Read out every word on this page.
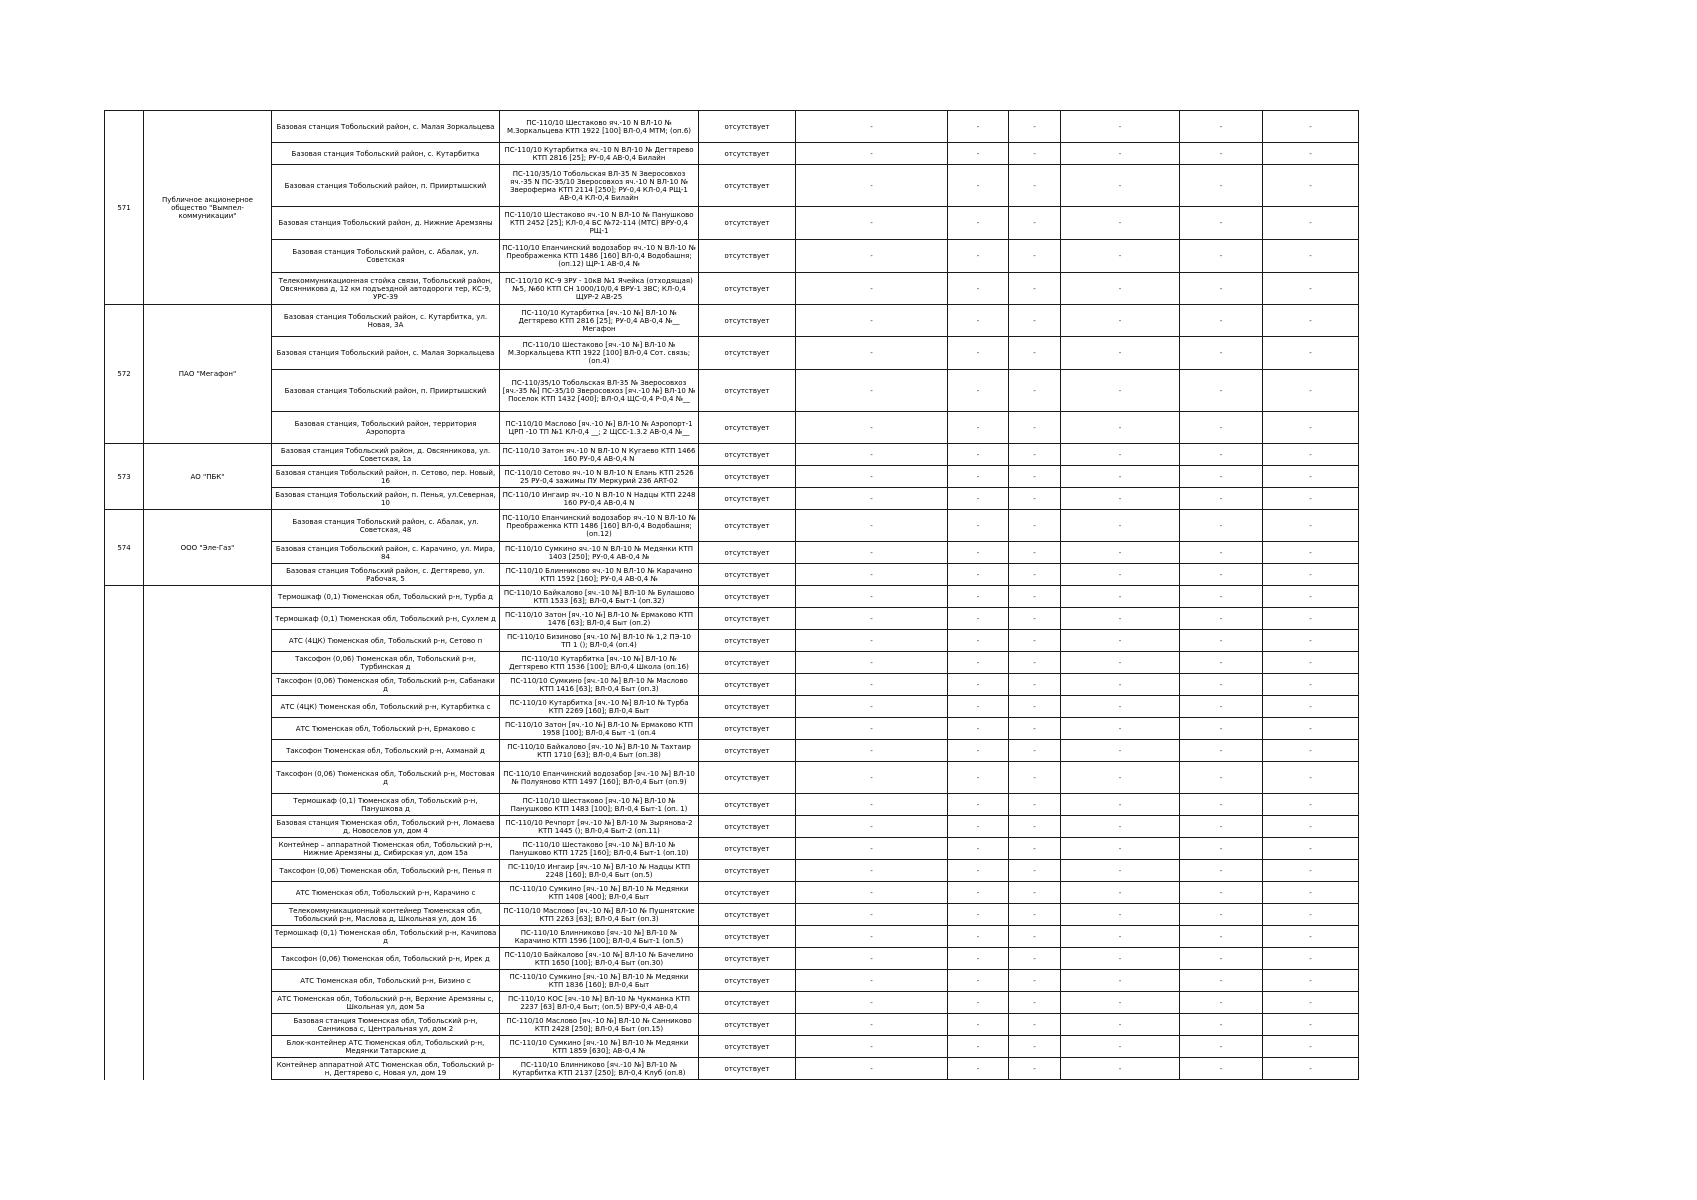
571	Публичное акционерное общество "Вымпел-коммуникации"	Базовая станция Тобольский район, с. Малая Зоркальцева	ПС-110/10 Шестаково яч.-10 N ВЛ-10 № М.Зоркальцева КТП 1922 [100] ВЛ-0,4 МТМ; (оп.6)	отсутствует	-	-	-	-	-	-
		Базовая станция Тобольский район, с. Кутарбитка	ПС-110/10 Кутарбитка яч.-10 N ВЛ-10 № Дегтярево КТП 2816 [25]; РУ-0,4 АВ-0,4 Билайн	отсутствует	-	-	-	-	-	-
		Базовая станция Тобольский район, п. Прииртышский	ПС-110/35/10 Тобольская ВЛ-35 N Зверосовхоз яч.-35 N ПС-35/10 Зверосовхоз яч.-10 N ВЛ-10 № Зверoферма КТП 2114 [250]; РУ-0,4 КЛ-0,4 РЩ-1 АВ-0,4 КЛ-0,4 Билайн	отсутствует	-	-	-	-	-	-
		Базовая станция Тобольский район, д. Нижние Аремзяны	ПС-110/10 Шестаково яч.-10 N ВЛ-10 № Панушково КТП 2452 [25]; КЛ-0,4 БС №72-114 (МТС) ВРУ-0,4 РЩ-1	отсутствует	-	-	-	-	-	-
		Базовая станция Тобольский район, с. Абалак, ул. Советская	ПС-110/10 Епанчинский водозабор яч.-10 N ВЛ-10 № Преображенка КТП 1486 [160] ВЛ-0,4 Водобашня; (оп.12) ЩР-1 АВ-0,4 №	отсутствует	-	-	-	-	-	-
		Телекоммуникационная стойка связи, Тобольский район, Овсянникова д, 12 км подъездной автодороги тер, КС-9, УРС-39	ПС-110/10 КС-9 ЗРУ - 10кВ №1 Ячейка (отходящая) №5, №60 КТП СН 1000/10/0,4 ВРУ-1 ЗВС; КЛ-0,4 ЩУР-2 АВ-25	отсутствует	-	-	-	-	-	-
572	ПАО "Мегафон"	Базовая станция Тобольский район, с. Кутарбитка, ул. Новая, 3А	ПС-110/10 Кутарбитка [яч.-10 №] ВЛ-10 № Дегтярево КТП 2816 [25]; РУ-0,4 АВ-0,4 №__ Мегафон	отсутствует	-	-	-	-	-	-
		Базовая станция Тобольский район, с. Малая Зоркальцева	ПС-110/10 Шестаково [яч.-10 №] ВЛ-10 № М.Зоркальцева КТП 1922 [100] ВЛ-0,4 Сот. связь; (оп.4)	отсутствует	-	-	-	-	-	-
		Базовая станция Тобольский район, п. Прииртышский	ПС-110/35/10 Тобольская ВЛ-35 № Зверосовхоз [яч.-35 №] ПС-35/10 Зверосовхоз [яч.-10 №] ВЛ-10 № Поселок КТП 1432 [400]; ВЛ-0,4 ЩС-0,4 Р-0,4 №__	отсутствует	-	-	-	-	-	-
		Базовая станция, Тобольский район, территория Аэропорта	ПС-110/10 Маслово [яч.-10 №] ВЛ-10 № Аэропорт-1 ЦРП -10 ТП №1 КЛ-0,4 __; 2 ЩСС-1.3.2 АВ-0,4 №__	отсутствует	-	-	-	-	-	-
573	АО "ПБК"	Базовая станция Тобольский район, д. Овсянникова, ул. Советская, 1а	ПС-110/10 Затон яч.-10 N ВЛ-10 N Кугаево КТП 1466 160 РУ-0,4 АВ-0,4 N	отсутствует	-	-	-	-	-	-
		Базовая станция Тобольский район, п. Сетово, пер. Новый, 16	ПС-110/10 Сетово яч.-10 N ВЛ-10 N Елань КТП 2526 25 РУ-0,4 зажимы ПУ Меркурий 236 ART-02	отсутствует	-	-	-	-	-	-
		Базовая станция Тобольский район, п. Пенья, ул.Северная, 10	ПС-110/10 Ингаир яч.-10 N ВЛ-10 N Надцы КТП 2248 160 РУ-0,4 АВ-0,4 N	отсутствует	-	-	-	-	-	-
574	ООО "Эле-Газ"	Базовая станция Тобольский район, с. Абалак, ул. Советская, 48	ПС-110/10 Епанчинский водозабор яч.-10 N ВЛ-10 № Преображенка КТП 1486 [160] ВЛ-0,4 Водобашня; (оп.12)	отсутствует	-	-	-	-	-	-
		Базовая станция Тобольский район, с. Карачино, ул. Мира, 84	ПС-110/10 Сумкино яч.-10 N ВЛ-10 № Медянки КТП 1403 [250]; РУ-0,4 АВ-0,4 №	отсутствует	-	-	-	-	-	-
		Базовая станция Тобольский район, с. Дегтярево, ул. Рабочая, 5	ПС-110/10 Блинниково яч.-10 N ВЛ-10 № Карачино КТП 1592 [160]; РУ-0,4 АВ-0,4 №	отсутствует	-	-	-	-	-	-
		Термошкаф (0,1) Тюменская обл, Тобольский р-н, Турба д	ПС-110/10 Байкалово [яч.-10 №] ВЛ-10 № Булашово КТП 1533 [63]; ВЛ-0,4 Быт-1 (оп.32)	отсутствует	-	-	-	-	-	-
		Термошкаф (0,1) Тюменская обл, Тобольский р-н, Сухлем д	ПС-110/10 Затон [яч.-10 №] ВЛ-10 № Ермаково КТП 1476 [63]; ВЛ-0,4 Быт (оп.2)	отсутствует	-	-	-	-	-	-
		АТС (4ЦК) Тюменская обл, Тобольский р-н, Сетово п	ПС-110/10 Бизиново [яч.-10 №] ВЛ-10 № 1,2 ПЭ-10 ТП 1 (); ВЛ-0,4 (оп.4)	отсутствует	-	-	-	-	-	-
		Таксофон (0,06) Тюменская обл, Тобольский р-н, Турбинская д	ПС-110/10 Кутарбитка [яч.-10 №] ВЛ-10 № Дегтярево КТП 1536 [100]; ВЛ-0,4 Школа (оп.16)	отсутствует	-	-	-	-	-	-
		Таксофон (0,06) Тюменская обл, Тобольский р-н, Сабанаки д	ПС-110/10 Сумкино [яч.-10 №] ВЛ-10 № Маслово КТП 1416 [63]; ВЛ-0,4 Быт (оп.3)	отсутствует	-	-	-	-	-	-
		АТС (4ЦК) Тюменская обл, Тобольский р-н, Кутарбитка с	ПС-110/10 Кутарбитка [яч.-10 №] ВЛ-10 № Турба КТП 2269 [160]; ВЛ-0,4 Быт	отсутствует	-	-	-	-	-	-
		АТС Тюменская обл, Тобольский р-н, Ермаково с	ПС-110/10 Затон [яч.-10 №] ВЛ-10 № Ермаково КТП 1958 [100]; ВЛ-0,4 Быт -1 (оп.4	отсутствует	-	-	-	-	-	-
		Таксофон Тюменская обл, Тобольский р-н, Ахманай д	ПС-110/10 Байкалово [яч.-10 №] ВЛ-10 № Тахтаир КТП 1710 [63]; ВЛ-0,4 Быт (оп.38)	отсутствует	-	-	-	-	-	-
		Таксофон (0,06) Тюменская обл, Тобольский р-н, Мостовая д	ПС-110/10 Епанчинский водозабор [яч.-10 №] ВЛ-10 № Полуяново КТП 1497 [160]; ВЛ-0,4 Быт (оп.9)	отсутствует	-	-	-	-	-	-
		Термошкаф (0,1) Тюменская обл, Тобольский р-н, Панушкова д	ПС-110/10 Шестаково [яч.-10 №] ВЛ-10 № Панушково КТП 1483 [100]; ВЛ-0,4 Быт-1 (оп. 1)	отсутствует	-	-	-	-	-	-
		Базовая станция Тюменская обл, Тобольский р-н, Ломаева д, Новоселов ул, дом 4	ПС-110/10 Речпорт [яч.-10 №] ВЛ-10 № Зырянова-2 КТП 1445 (); ВЛ-0,4 Быт-2 (оп.11)	отсутствует	-	-	-	-	-	-
		Контейнер – аппаратной Тюменская обл, Тобольский р-н, Нижние Аремзяны д, Сибирская ул, дом 15а	ПС-110/10 Шестаково [яч.-10 №] ВЛ-10 № Панушково КТП 1725 [160]; ВЛ-0,4 Быт-1 (оп.10)	отсутствует	-	-	-	-	-	-
		Таксофон (0,06) Тюменская обл, Тобольский р-н, Пенья п	ПС-110/10 Ингаир [яч.-10 №] ВЛ-10 № Надцы КТП 2248 [160]; ВЛ-0,4 Быт (оп.5)	отсутствует	-	-	-	-	-	-
		АТС Тюменская обл, Тобольский р-н, Карачино с	ПС-110/10 Сумкино [яч.-10 №] ВЛ-10 № Медянки КТП 1408 [400]; ВЛ-0,4 Быт	отсутствует	-	-	-	-	-	-
		Телекоммуникационный контейнер Тюменская обл, Тобольский р-н, Маслова д, Школьная ул, дом 16	ПС-110/10 Маслово [яч.-10 №] ВЛ-10 № Пушнятские КТП 2263 [63]; ВЛ-0,4 Быт (оп.3)	отсутствует	-	-	-	-	-	-
		Термошкаф (0,1) Тюменская обл, Тобольский р-н, Качипова д	ПС-110/10 Блинниково [яч.-10 №] ВЛ-10 № Карачино КТП 1596 [100]; ВЛ-0,4 Быт-1 (оп.5)	отсутствует	-	-	-	-	-	-
		Таксофон (0,06) Тюменская обл, Тобольский р-н, Ирек д	ПС-110/10 Байкалово [яч.-10 №] ВЛ-10 № Бачелино КТП 1650 [100]; ВЛ-0,4 Быт (оп.30)	отсутствует	-	-	-	-	-	-
		АТС Тюменская обл, Тобольский р-н, Бизино с	ПС-110/10 Сумкино [яч.-10 №] ВЛ-10 № Медянки КТП 1836 [160]; ВЛ-0,4 Быт	отсутствует	-	-	-	-	-	-
		АТС Тюменская обл, Тобольский р-н, Верхние Аремзяны с, Школьная ул, дом 5а	ПС-110/10 КОС [яч.-10 №] ВЛ-10 № Чукманка КТП 2237 [63] ВЛ-0,4 Быт; (оп.5) ВРУ-0,4 АВ-0,4	отсутствует	-	-	-	-	-	-
		Базовая станция Тюменская обл, Тобольский р-н, Санникова с, Центральная ул, дом 2	ПС-110/10 Маслово [яч.-10 №] ВЛ-10 № Санниково КТП 2428 [250]; ВЛ-0,4 Быт (оп.15)	отсутствует	-	-	-	-	-	-
		Блок-контейнер АТС Тюменская обл, Тобольский р-н, Медянки Татарские д	ПС-110/10 Сумкино [яч.-10 №] ВЛ-10 № Медянки КТП 1859 [630]; АВ-0,4 №	отсутствует	-	-	-	-	-	-
		Контейнер аппаратной АТС Тюменская обл, Тобольский р-н, Дегтярево с, Новая ул, дом 19	ПС-110/10 Блинниково [яч.-10 №] ВЛ-10 № Кутарбитка КТП 2137 [250]; ВЛ-0,4 Клуб (оп.8)	отсутствует	-	-	-	-	-	-
